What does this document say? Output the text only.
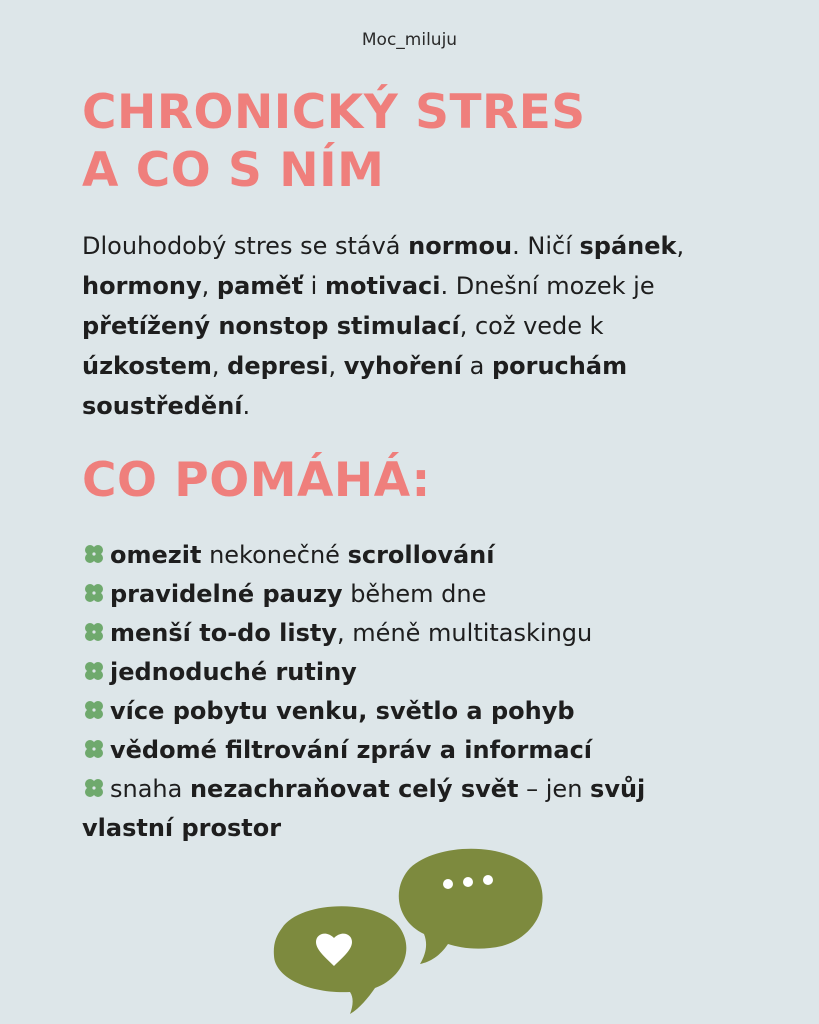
Moc_miluju
CHRONICKÝ STRES
A CO S NÍM

Dlouhodobý stres se stává normou. Ničí spánek, hormony, paměť i motivaci. Dnešní mozek je přetížený nonstop stimulací, což vede k úzkostem, depresi, vyhoření a poruchám soustředění.

CO POMÁHÁ:
omezit nekonečné scrollování
pravidelné pauzy během dne
menší to-do listy, méně multitaskingu
jednoduché rutiny
více pobytu venku, světlo a pohyb
vědomé filtrování zpráv a informací
snaha nezachraňovat celý svět – jen svůj vlastní prostor
